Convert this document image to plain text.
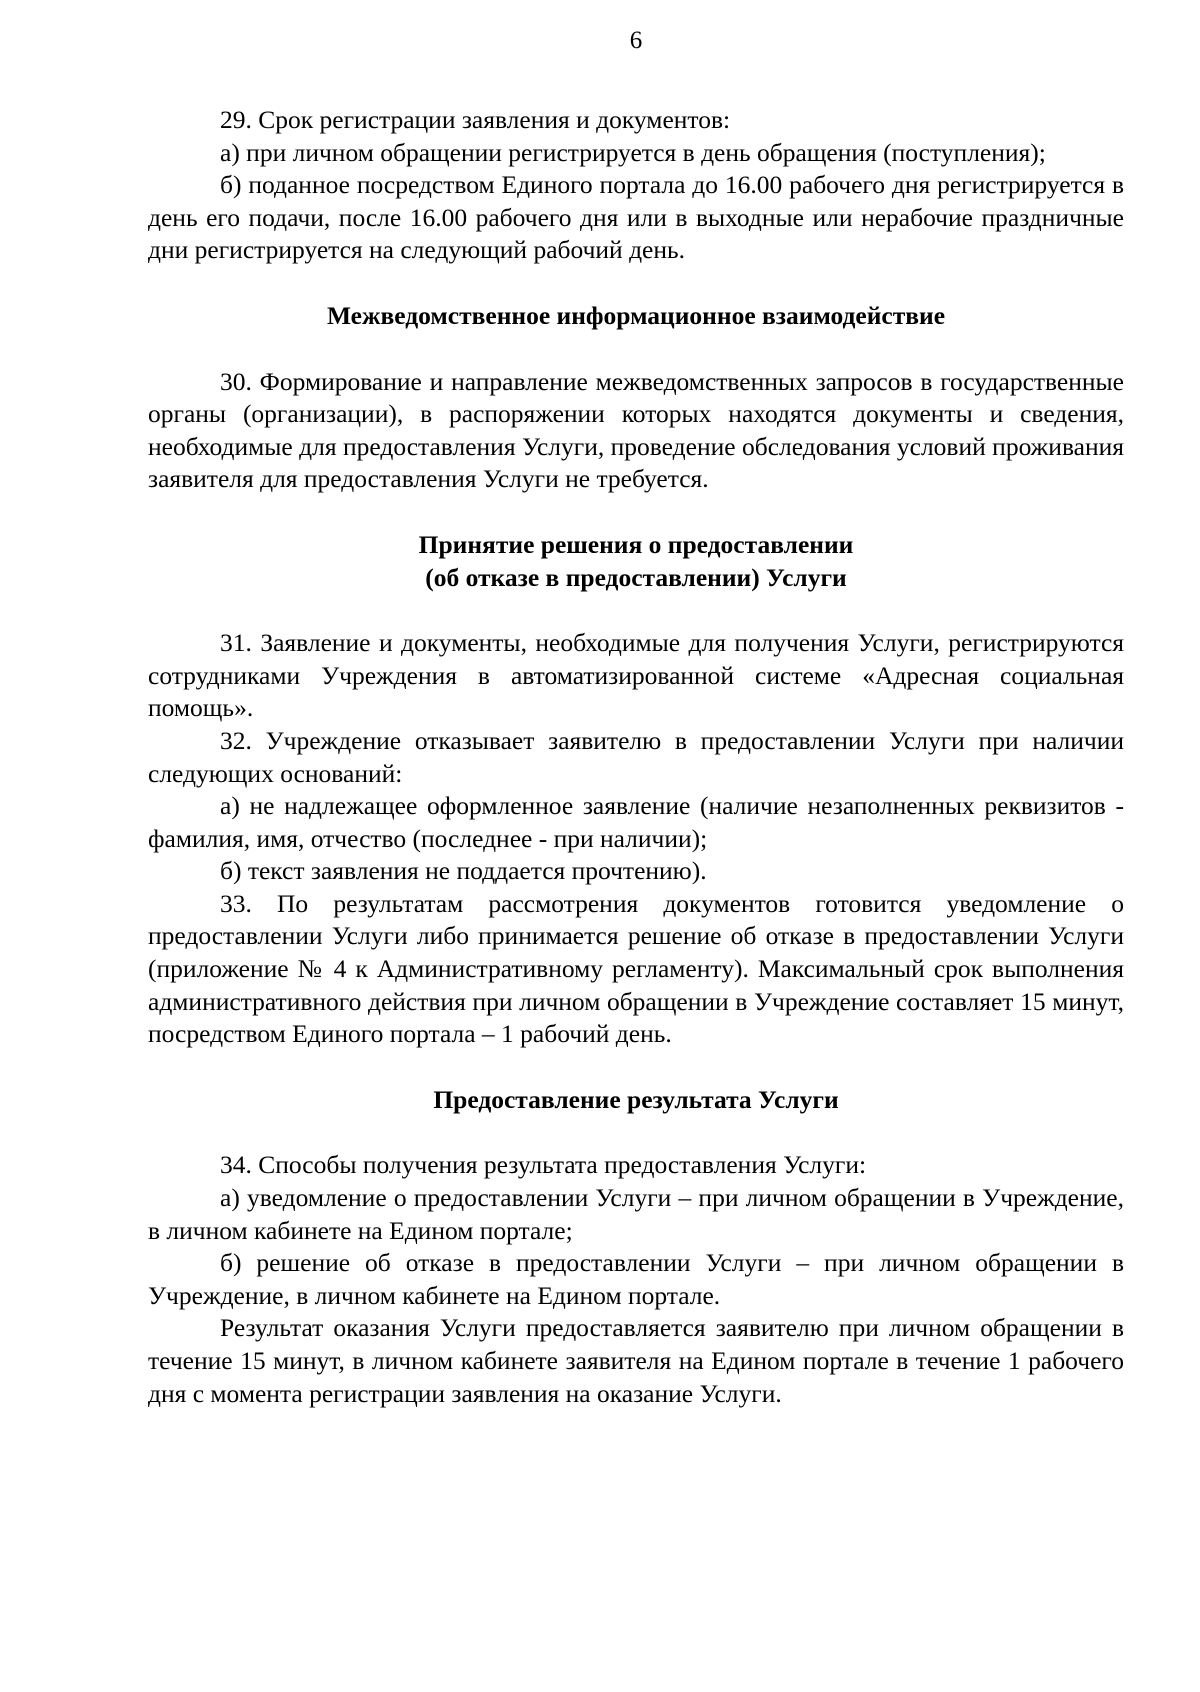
6

29. Срок регистрации заявления и документов:

а) при личном обращении регистрируется в день обращения (поступления);

б) поданное посредством Единого портала до 16.00 рабочего дня регистрируется в день его подачи, после 16.00 рабочего дня или в выходные или нерабочие праздничные дни регистрируется на следующий рабочий день.

Межведомственное информационное взаимодействие

30. Формирование и направление межведомственных запросов в государственные органы (организации), в распоряжении которых находятся документы и сведения, необходимые для предоставления Услуги, проведение обследования условий проживания заявителя для предоставления Услуги не требуется.

Принятие решения о предоставлении

(об отказе в предоставлении) Услуги

31. Заявление и документы, необходимые для получения Услуги, регистрируются сотрудниками Учреждения в автоматизированной системе «Адресная социальная помощь».

32. Учреждение отказывает заявителю в предоставлении Услуги при наличии следующих оснований:

а) не надлежащее оформленное заявление (наличие незаполненных реквизитов - фамилия, имя, отчество (последнее - при наличии);

б) текст заявления не поддается прочтению).

33. По результатам рассмотрения документов готовится уведомление о предоставлении Услуги либо принимается решение об отказе в предоставлении Услуги (приложение № 4 к Административному регламенту). Максимальный срок выполнения административного действия при личном обращении в Учреждение составляет 15 минут, посредством Единого портала – 1 рабочий день.

Предоставление результата Услуги

34. Способы получения результата предоставления Услуги:

а) уведомление о предоставлении Услуги – при личном обращении в Учреждение, в личном кабинете на Едином портале;

б) решение об отказе в предоставлении Услуги – при личном обращении в Учреждение, в личном кабинете на Едином портале.

Результат оказания Услуги предоставляется заявителю при личном обращении в течение 15 минут, в личном кабинете заявителя на Едином портале в течение 1 рабочего дня с момента регистрации заявления на оказание Услуги.
